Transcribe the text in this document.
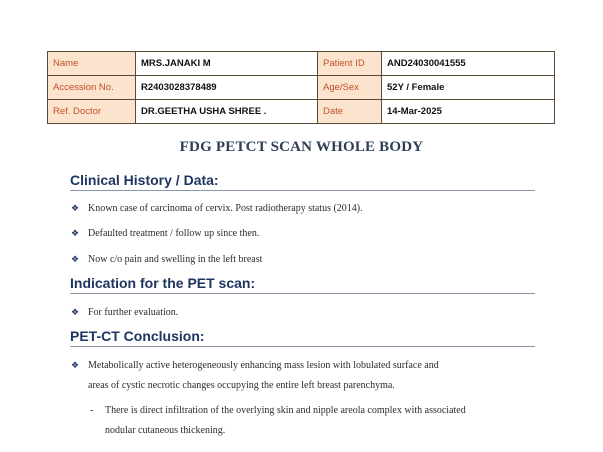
Name	MRS.JANAKI M	Patient ID	AND24030041555
Accession No.	R2403028378489	Age/Sex	52Y / Female
Ref. Doctor	DR.GEETHA USHA SHREE .	Date	14-Mar-2025
FDG PETCT SCAN WHOLE BODY
Clinical History / Data:
❖ Known case of carcinoma of cervix. Post radiotherapy status (2014).
❖ Defaulted treatment / follow up since then.
❖ Now c/o pain and swelling in the left breast
Indication for the PET scan:
❖ For further evaluation.
PET-CT Conclusion:
❖ Metabolically active heterogeneously enhancing mass lesion with lobulated surface and
areas of cystic necrotic changes occupying the entire left breast parenchyma.
- There is direct infiltration of the overlying skin and nipple areola complex with associated
nodular cutaneous thickening.
